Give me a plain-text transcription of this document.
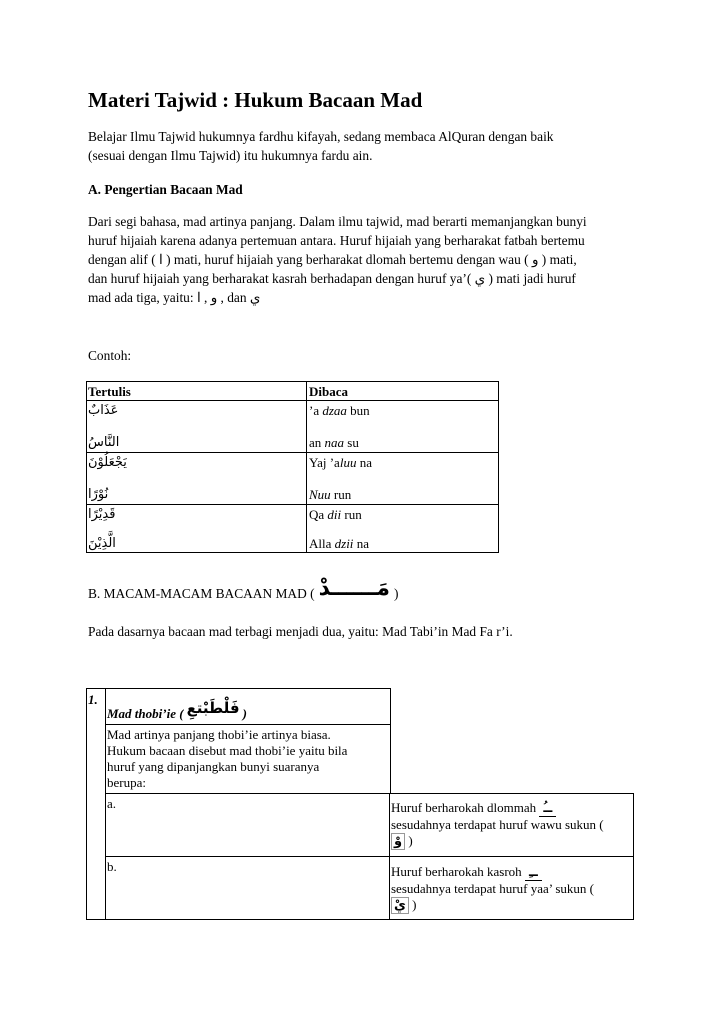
Materi Tajwid : Hukum Bacaan Mad
Belajar Ilmu Tajwid hukumnya fardhu kifayah, sedang membaca AlQuran dengan baik
(sesuai dengan Ilmu Tajwid) itu hukumnya fardu ain.
A. Pengertian Bacaan Mad
Dari segi bahasa, mad artinya panjang. Dalam ilmu tajwid, mad berarti memanjangkan bunyi
huruf hijaiah karena adanya pertemuan antara. Huruf hijaiah yang berharakat fatbah bertemu
dengan alif ( ا ) mati, huruf hijaiah yang berharakat dlomah bertemu dengan wau ( و ) mati,
dan huruf hijaiah yang berharakat kasrah berhadapan dengan huruf ya’( ي ) mati jadi huruf
mad ada tiga, yaitu: و , ا , dan ي
Contoh:
Tertulis	Dibaca
عَذَابٌ	’a dzaa bun
النَّاسُ	an naa su
يَجْعَلُوْنَ	Yaj ’aluu na
نُوْرًا	Nuu run
قَدِيْرًا	Qa dii run
الَّذِيْنَ	Alla dzii na
B. MACAM-MACAM BACAAN MAD ( مَــــــدْ )
Pada dasarnya bacaan mad terbagi menjadi dua, yaitu: Mad Tabi’in Mad Fa r’i.
1.
Mad thobi’ie ( فَلْطَبْتعِ )
Mad artinya panjang thobi’ie artinya biasa.
Hukum bacaan disebut mad thobi’ie yaitu bila
huruf yang dipanjangkan bunyi suaranya
berupa:
a.	Huruf berharokah dlommah ــُ
sesudahnya terdapat huruf wawu sukun (
وْ )
b.	Huruf berharokah kasroh ــِ
sesudahnya terdapat huruf yaa’ sukun (
يْ )
